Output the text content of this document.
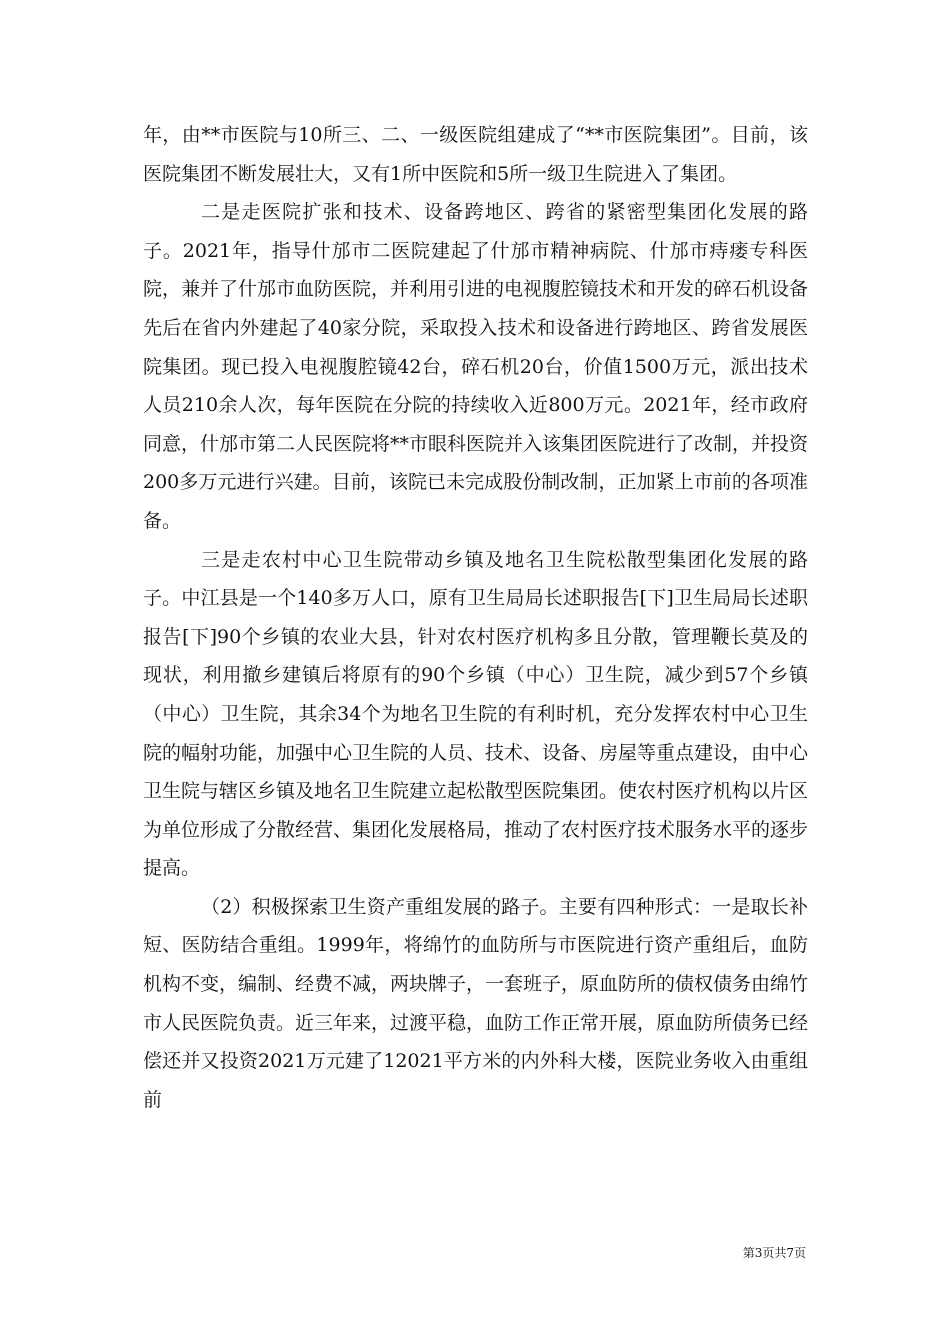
年，由**市医院与10所三、二、一级医院组建成了“**市医院集团”。目前，该医院集团不断发展壮大，又有1所中医院和5所一级卫生院进入了集团。

二是走医院扩张和技术、设备跨地区、跨省的紧密型集团化发展的路子。2021年，指导什邡市二医院建起了什邡市精神病院、什邡市痔瘘专科医院，兼并了什邡市血防医院，并利用引进的电视腹腔镜技术和开发的碎石机设备先后在省内外建起了40家分院，采取投入技术和设备进行跨地区、跨省发展医院集团。现已投入电视腹腔镜42台，碎石机20台，价值1500万元，派出技术人员210余人次，每年医院在分院的持续收入近800万元。2021年，经市政府同意，什邡市第二人民医院将**市眼科医院并入该集团医院进行了改制，并投资200多万元进行兴建。目前，该院已未完成股份制改制，正加紧上市前的各项准备。

三是走农村中心卫生院带动乡镇及地名卫生院松散型集团化发展的路子。中江县是一个140多万人口，原有卫生局局长述职报告[下]卫生局局长述职报告[下]90个乡镇的农业大县，针对农村医疗机构多且分散，管理鞭长莫及的现状，利用撤乡建镇后将原有的90个乡镇（中心）卫生院，减少到57个乡镇（中心）卫生院，其余34个为地名卫生院的有利时机，充分发挥农村中心卫生院的幅射功能，加强中心卫生院的人员、技术、设备、房屋等重点建设，由中心卫生院与辖区乡镇及地名卫生院建立起松散型医院集团。使农村医疗机构以片区为单位形成了分散经营、集团化发展格局，推动了农村医疗技术服务水平的逐步提高。

（2）积极探索卫生资产重组发展的路子。主要有四种形式：一是取长补短、医防结合重组。1999年，将绵竹的血防所与市医院进行资产重组后，血防机构不变，编制、经费不减，两块牌子，一套班子，原血防所的债权债务由绵竹市人民医院负责。近三年来，过渡平稳，血防工作正常开展，原血防所债务已经偿还并又投资2021万元建了12021平方米的内外科大楼，医院业务收入由重组前

第3页共7页
